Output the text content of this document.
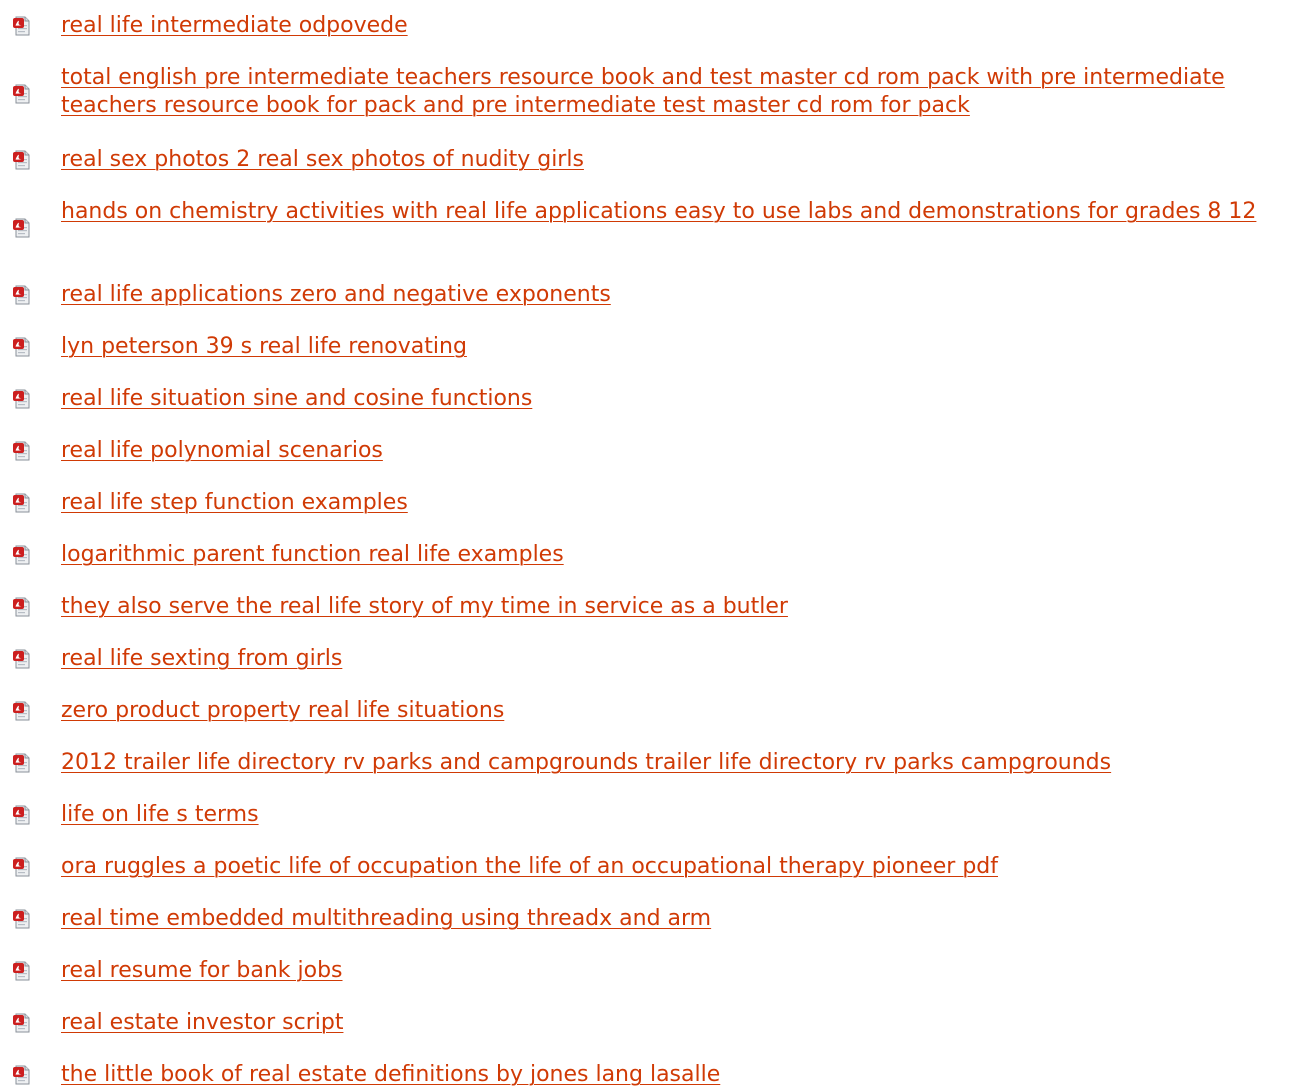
real life intermediate odpovede
total english pre intermediate teachers resource book and test master cd rom pack with pre intermediate teachers resource book for pack and pre intermediate test master cd rom for pack
real sex photos 2 real sex photos of nudity girls
hands on chemistry activities with real life applications easy to use labs and demonstrations for grades 8 12
real life applications zero and negative exponents
lyn peterson 39 s real life renovating
real life situation sine and cosine functions
real life polynomial scenarios
real life step function examples
logarithmic parent function real life examples
they also serve the real life story of my time in service as a butler
real life sexting from girls
zero product property real life situations
2012 trailer life directory rv parks and campgrounds trailer life directory rv parks campgrounds
life on life s terms
ora ruggles a poetic life of occupation the life of an occupational therapy pioneer pdf
real time embedded multithreading using threadx and arm
real resume for bank jobs
real estate investor script
the little book of real estate definitions by jones lang lasalle
